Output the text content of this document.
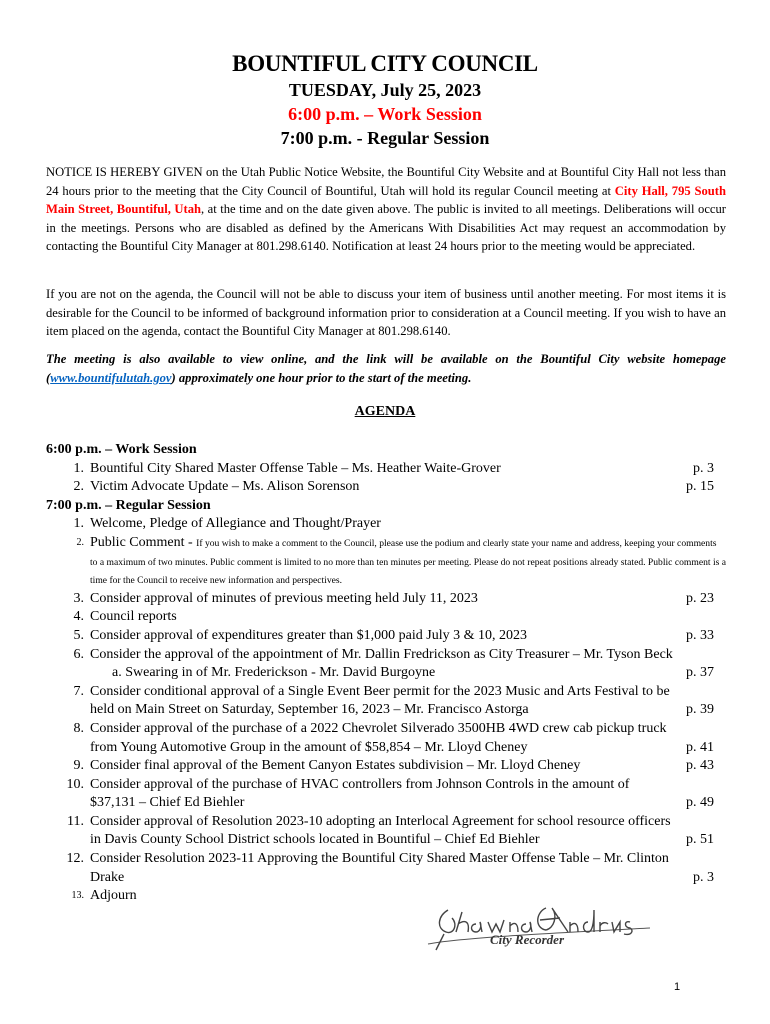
BOUNTIFUL CITY COUNCIL
TUESDAY, July 25, 2023
6:00 p.m. – Work Session
7:00 p.m. - Regular Session
NOTICE IS HEREBY GIVEN on the Utah Public Notice Website, the Bountiful City Website and at Bountiful City Hall not less than 24 hours prior to the meeting that the City Council of Bountiful, Utah will hold its regular Council meeting at City Hall, 795 South Main Street, Bountiful, Utah, at the time and on the date given above. The public is invited to all meetings. Deliberations will occur in the meetings. Persons who are disabled as defined by the Americans With Disabilities Act may request an accommodation by contacting the Bountiful City Manager at 801.298.6140. Notification at least 24 hours prior to the meeting would be appreciated.
If you are not on the agenda, the Council will not be able to discuss your item of business until another meeting. For most items it is desirable for the Council to be informed of background information prior to consideration at a Council meeting. If you wish to have an item placed on the agenda, contact the Bountiful City Manager at 801.298.6140.
The meeting is also available to view online, and the link will be available on the Bountiful City website homepage (www.bountifulutah.gov) approximately one hour prior to the start of the meeting.
AGENDA
6:00 p.m. – Work Session
1. Bountiful City Shared Master Offense Table – Ms. Heather Waite-Grover	p. 3
2. Victim Advocate Update – Ms. Alison Sorenson	p. 15
7:00 p.m. – Regular Session
1. Welcome, Pledge of Allegiance and Thought/Prayer
2. Public Comment - If you wish to make a comment to the Council, please use the podium and clearly state your name and address, keeping your comments to a maximum of two minutes. Public comment is limited to no more than ten minutes per meeting. Please do not repeat positions already stated. Public comment is a time for the Council to receive new information and perspectives.
3. Consider approval of minutes of previous meeting held July 11, 2023	p. 23
4. Council reports
5. Consider approval of expenditures greater than $1,000 paid July 3 & 10, 2023	p. 33
6. Consider the approval of the appointment of Mr. Dallin Fredrickson as City Treasurer – Mr. Tyson Beck
a. Swearing in of Mr. Frederickson - Mr. David Burgoyne	p. 37
7. Consider conditional approval of a Single Event Beer permit for the 2023 Music and Arts Festival to be held on Main Street on Saturday, September 16, 2023 – Mr. Francisco Astorga	p. 39
8. Consider approval of the purchase of a 2022 Chevrolet Silverado 3500HB 4WD crew cab pickup truck from Young Automotive Group in the amount of $58,854 – Mr. Lloyd Cheney	p. 41
9. Consider final approval of the Bement Canyon Estates subdivision – Mr. Lloyd Cheney	p. 43
10. Consider approval of the purchase of HVAC controllers from Johnson Controls in the amount of $37,131 – Chief Ed Biehler	p. 49
11. Consider approval of Resolution 2023-10 adopting an Interlocal Agreement for school resource officers in Davis County School District schools located in Bountiful – Chief Ed Biehler	p. 51
12. Consider Resolution 2023-11 Approving the Bountiful City Shared Master Offense Table – Mr. Clinton Drake	p. 3
13. Adjourn
City Recorder
1
